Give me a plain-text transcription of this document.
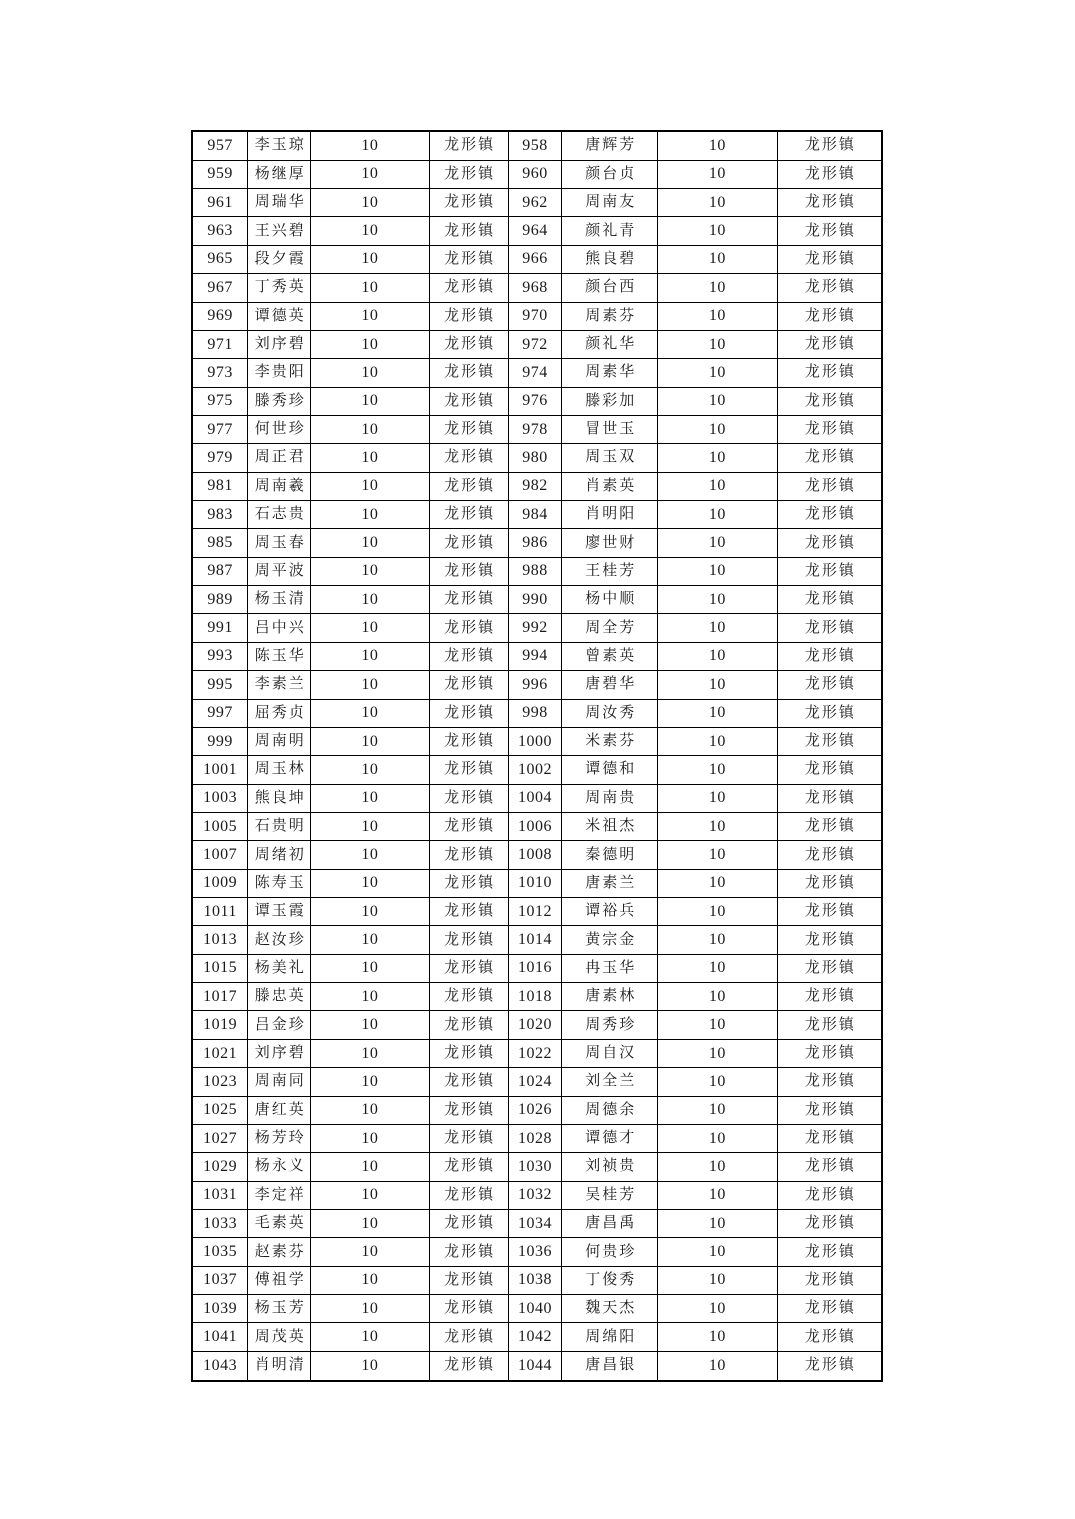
957	李玉琼	10	龙形镇	958	唐辉芳	10	龙形镇
959	杨继厚	10	龙形镇	960	颜台贞	10	龙形镇
961	周瑞华	10	龙形镇	962	周南友	10	龙形镇
963	王兴碧	10	龙形镇	964	颜礼青	10	龙形镇
965	段夕霞	10	龙形镇	966	熊良碧	10	龙形镇
967	丁秀英	10	龙形镇	968	颜台西	10	龙形镇
969	谭德英	10	龙形镇	970	周素芬	10	龙形镇
971	刘序碧	10	龙形镇	972	颜礼华	10	龙形镇
973	李贵阳	10	龙形镇	974	周素华	10	龙形镇
975	滕秀珍	10	龙形镇	976	滕彩加	10	龙形镇
977	何世珍	10	龙形镇	978	冒世玉	10	龙形镇
979	周正君	10	龙形镇	980	周玉双	10	龙形镇
981	周南羲	10	龙形镇	982	肖素英	10	龙形镇
983	石志贵	10	龙形镇	984	肖明阳	10	龙形镇
985	周玉春	10	龙形镇	986	廖世财	10	龙形镇
987	周平波	10	龙形镇	988	王桂芳	10	龙形镇
989	杨玉清	10	龙形镇	990	杨中顺	10	龙形镇
991	吕中兴	10	龙形镇	992	周全芳	10	龙形镇
993	陈玉华	10	龙形镇	994	曾素英	10	龙形镇
995	李素兰	10	龙形镇	996	唐碧华	10	龙形镇
997	屈秀贞	10	龙形镇	998	周汝秀	10	龙形镇
999	周南明	10	龙形镇	1000	米素芬	10	龙形镇
1001	周玉林	10	龙形镇	1002	谭德和	10	龙形镇
1003	熊良坤	10	龙形镇	1004	周南贵	10	龙形镇
1005	石贵明	10	龙形镇	1006	米祖杰	10	龙形镇
1007	周绪初	10	龙形镇	1008	秦德明	10	龙形镇
1009	陈寿玉	10	龙形镇	1010	唐素兰	10	龙形镇
1011	谭玉霞	10	龙形镇	1012	谭裕兵	10	龙形镇
1013	赵汝珍	10	龙形镇	1014	黄宗金	10	龙形镇
1015	杨美礼	10	龙形镇	1016	冉玉华	10	龙形镇
1017	滕忠英	10	龙形镇	1018	唐素林	10	龙形镇
1019	吕金珍	10	龙形镇	1020	周秀珍	10	龙形镇
1021	刘序碧	10	龙形镇	1022	周自汉	10	龙形镇
1023	周南同	10	龙形镇	1024	刘全兰	10	龙形镇
1025	唐红英	10	龙形镇	1026	周德余	10	龙形镇
1027	杨芳玲	10	龙形镇	1028	谭德才	10	龙形镇
1029	杨永义	10	龙形镇	1030	刘祯贵	10	龙形镇
1031	李定祥	10	龙形镇	1032	吴桂芳	10	龙形镇
1033	毛素英	10	龙形镇	1034	唐昌禹	10	龙形镇
1035	赵素芬	10	龙形镇	1036	何贵珍	10	龙形镇
1037	傅祖学	10	龙形镇	1038	丁俊秀	10	龙形镇
1039	杨玉芳	10	龙形镇	1040	魏天杰	10	龙形镇
1041	周茂英	10	龙形镇	1042	周绵阳	10	龙形镇
1043	肖明清	10	龙形镇	1044	唐昌银	10	龙形镇
